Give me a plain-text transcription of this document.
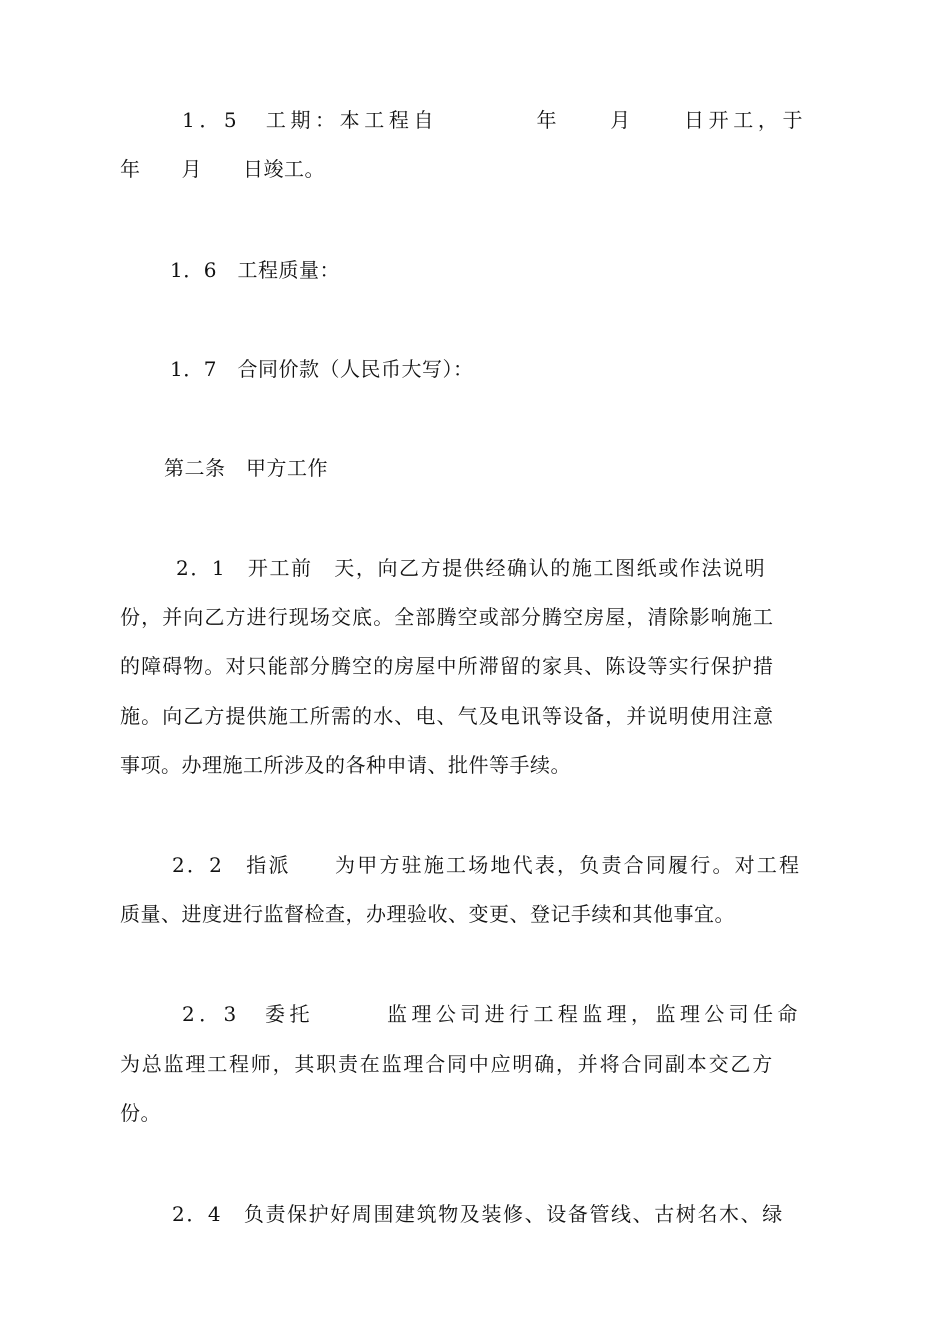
1．5　工期：本工程自　　　　年　　月　　日开工，于
年　　月　　日竣工。
1．6　工程质量：
1．7　合同价款（人民币大写）：
第二条　甲方工作
2．1　开工前　天，向乙方提供经确认的施工图纸或作法说明
份，并向乙方进行现场交底。全部腾空或部分腾空房屋，清除影响施工
的障碍物。对只能部分腾空的房屋中所滞留的家具、陈设等实行保护措
施。向乙方提供施工所需的水、电、气及电讯等设备，并说明使用注意
事项。办理施工所涉及的各种申请、批件等手续。
2．2　指派　　为甲方驻施工场地代表，负责合同履行。对工程
质量、进度进行监督检查，办理验收、变更、登记手续和其他事宜。
2．3　委托　　　监理公司进行工程监理，监理公司任命
为总监理工程师，其职责在监理合同中应明确，并将合同副本交乙方
份。
2．4　负责保护好周围建筑物及装修、设备管线、古树名木、绿
